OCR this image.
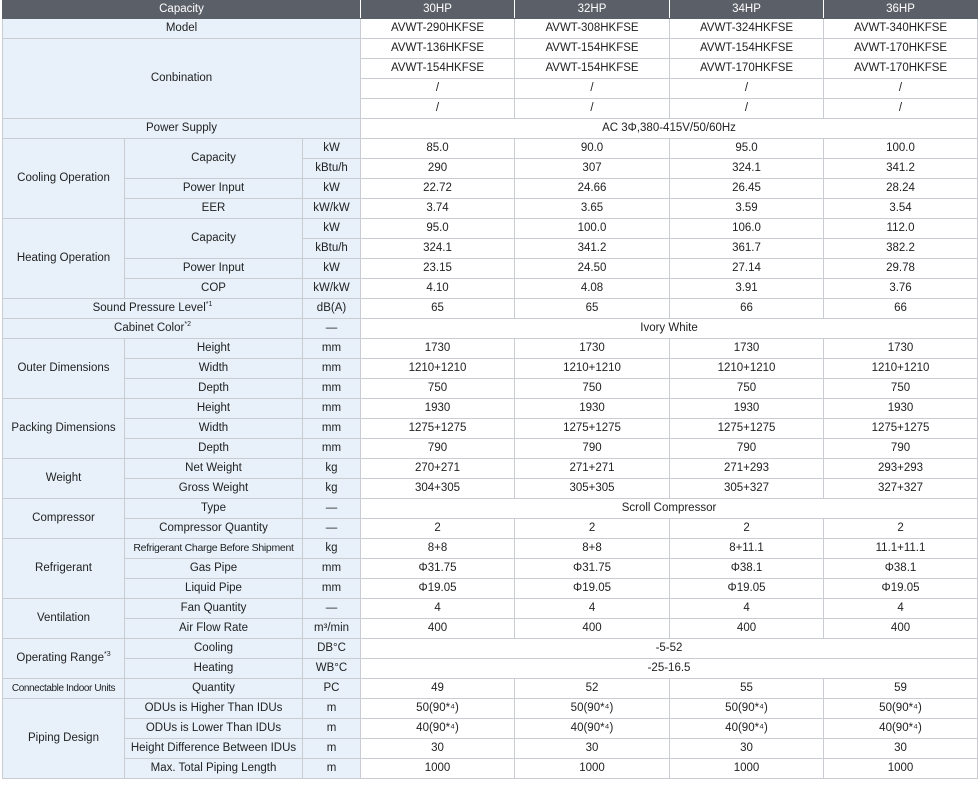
Capacity			30HP	32HP	34HP	36HP
Model			AVWT-290HKFSE	AVWT-308HKFSE	AVWT-324HKFSE	AVWT-340HKFSE
Conbination			AVWT-136HKFSE	AVWT-154HKFSE	AVWT-154HKFSE	AVWT-170HKFSE
			AVWT-154HKFSE	AVWT-154HKFSE	AVWT-170HKFSE	AVWT-170HKFSE
			/	/	/	/
			/	/	/	/
Power Supply			AC 3Φ,380-415V/50/60Hz			
Cooling Operation	Capacity	kW	85.0	90.0	95.0	100.0
		kBtu/h	290	307	324.1	341.2
	Power Input	kW	22.72	24.66	26.45	28.24
	EER	kW/kW	3.74	3.65	3.59	3.54
Heating Operation	Capacity	kW	95.0	100.0	106.0	112.0
		kBtu/h	324.1	341.2	361.7	382.2
	Power Input	kW	23.15	24.50	27.14	29.78
	COP	kW/kW	4.10	4.08	3.91	3.76
Sound Pressure Level$^{*1}$		dB(A)	65	65	66	66
Cabinet Color$^{*2}$		—	Ivory White			
Outer Dimensions	Height	mm	1730	1730	1730	1730
	Width	mm	1210+1210	1210+1210	1210+1210	1210+1210
	Depth	mm	750	750	750	750
Packing Dimensions	Height	mm	1930	1930	1930	1930
	Width	mm	1275+1275	1275+1275	1275+1275	1275+1275
	Depth	mm	790	790	790	790
Weight	Net Weight	kg	270+271	271+271	271+293	293+293
	Gross Weight	kg	304+305	305+305	305+327	327+327
Compressor	Type	—	Scroll Compressor			
	Compressor Quantity	—	2	2	2	2
Refrigerant	Refrigerant Charge Before Shipment	kg	8+8	8+8	8+11.1	11.1+11.1
	Gas Pipe	mm	Φ31.75	Φ31.75	Φ38.1	Φ38.1
	Liquid Pipe	mm	Φ19.05	Φ19.05	Φ19.05	Φ19.05
Ventilation	Fan Quantity	—	4	4	4	4
	Air Flow Rate	m³/min	400	400	400	400
Operating Range$^{*3}$	Cooling	DB°C	-5-52			
	Heating	WB°C	-25-16.5			
Connectable Indoor Units	Quantity	PC	49	52	55	59
Piping Design	ODUs is Higher Than IDUs	m	50(90*⁴)	50(90*⁴)	50(90*⁴)	50(90*⁴)
	ODUs is Lower Than IDUs	m	40(90*⁴)	40(90*⁴)	40(90*⁴)	40(90*⁴)
	Height Difference Between IDUs	m	30	30	30	30
	Max. Total Piping Length	m	1000	1000	1000	1000
